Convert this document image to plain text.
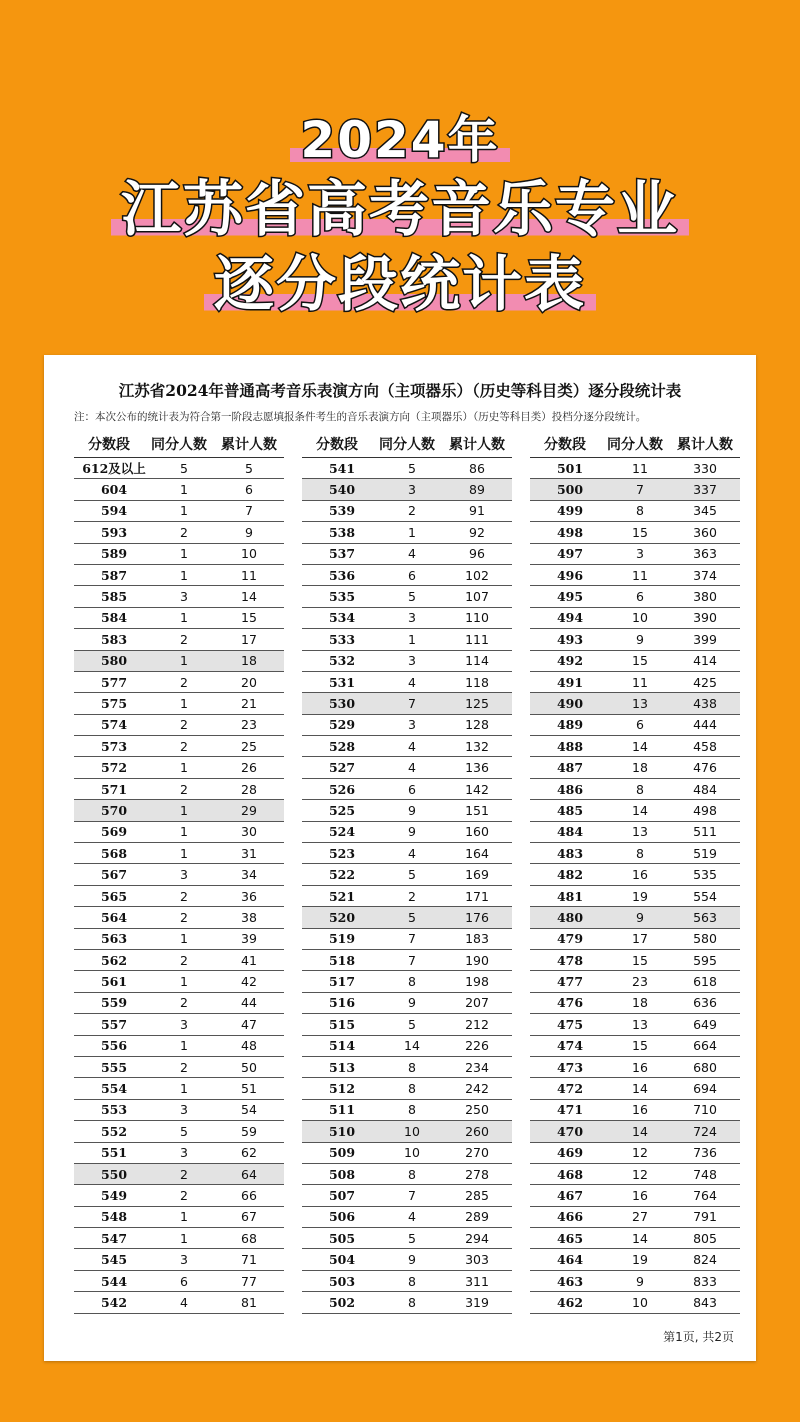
2024年
江苏省高考音乐专业
逐分段统计表
江苏省2024年普通高考音乐表演方向（主项器乐）（历史等科目类）逐分段统计表
注：本次公布的统计表为符合第一阶段志愿填报条件考生的音乐表演方向（主项器乐）（历史等科目类）投档分逐分段统计。
分数段	同分人数	累计人数
612及以上	5	5
604	1	6
594	1	7
593	2	9
589	1	10
587	1	11
585	3	14
584	1	15
583	2	17
580	1	18
577	2	20
575	1	21
574	2	23
573	2	25
572	1	26
571	2	28
570	1	29
569	1	30
568	1	31
567	3	34
565	2	36
564	2	38
563	1	39
562	2	41
561	1	42
559	2	44
557	3	47
556	1	48
555	2	50
554	1	51
553	3	54
552	5	59
551	3	62
550	2	64
549	2	66
548	1	67
547	1	68
545	3	71
544	6	77
542	4	81
分数段	同分人数	累计人数
541	5	86
540	3	89
539	2	91
538	1	92
537	4	96
536	6	102
535	5	107
534	3	110
533	1	111
532	3	114
531	4	118
530	7	125
529	3	128
528	4	132
527	4	136
526	6	142
525	9	151
524	9	160
523	4	164
522	5	169
521	2	171
520	5	176
519	7	183
518	7	190
517	8	198
516	9	207
515	5	212
514	14	226
513	8	234
512	8	242
511	8	250
510	10	260
509	10	270
508	8	278
507	7	285
506	4	289
505	5	294
504	9	303
503	8	311
502	8	319
分数段	同分人数	累计人数
501	11	330
500	7	337
499	8	345
498	15	360
497	3	363
496	11	374
495	6	380
494	10	390
493	9	399
492	15	414
491	11	425
490	13	438
489	6	444
488	14	458
487	18	476
486	8	484
485	14	498
484	13	511
483	8	519
482	16	535
481	19	554
480	9	563
479	17	580
478	15	595
477	23	618
476	18	636
475	13	649
474	15	664
473	16	680
472	14	694
471	16	710
470	14	724
469	12	736
468	12	748
467	16	764
466	27	791
465	14	805
464	19	824
463	9	833
462	10	843
第1页, 共2页
